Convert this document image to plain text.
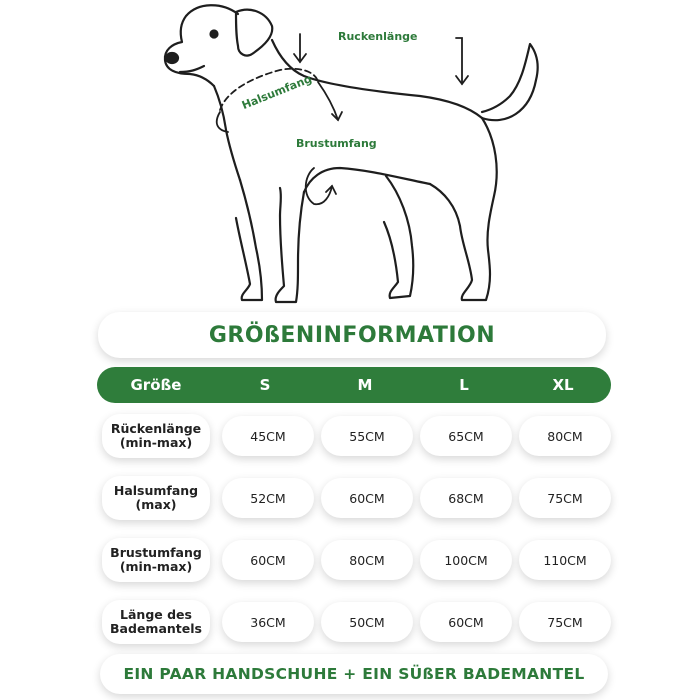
Ruckenlänge
Halsumfang
Brustumfang
GRÖßENINFORMATION
Größe	S	M	L	XL
Rückenlänge
(min-max)	45CM	55CM	65CM	80CM
Halsumfang
(max)	52CM	60CM	68CM	75CM
Brustumfang
(min-max)	60CM	80CM	100CM	110CM
Länge des
Bademantels	36CM	50CM	60CM	75CM
EIN PAAR HANDSCHUHE + EIN SÜßER BADEMANTEL
